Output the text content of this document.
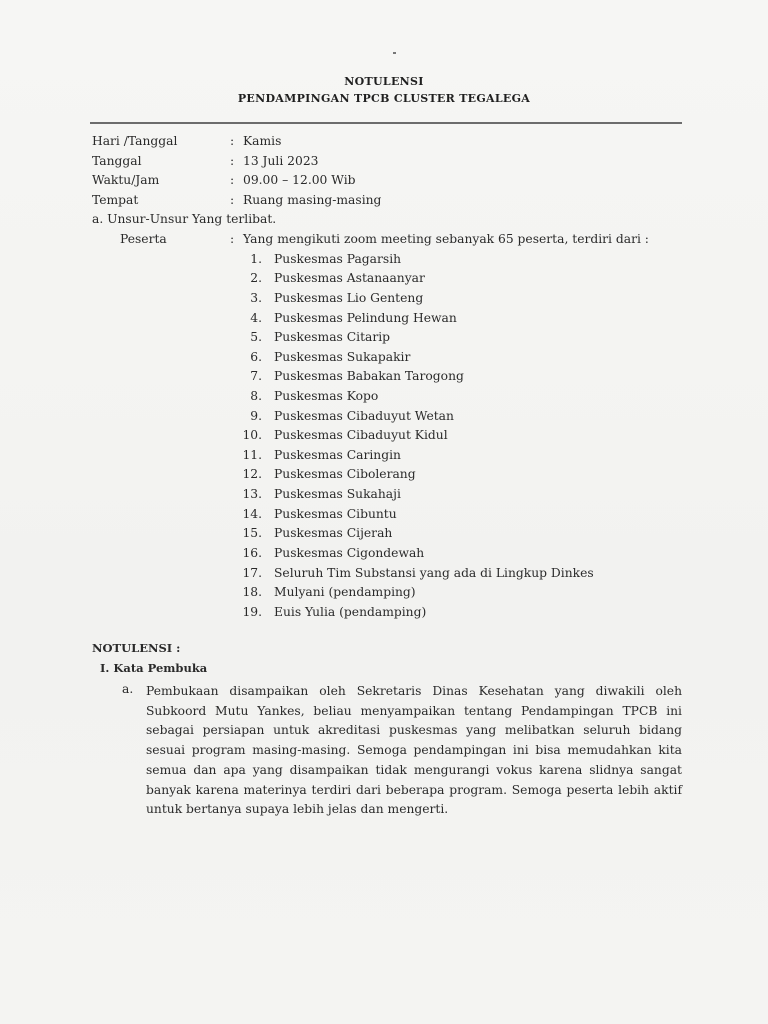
NOTULENSI
PENDAMPINGAN TPCB CLUSTER TEGALEGA
Hari /Tanggal	: Kamis
Tanggal	: 13 Juli 2023
Waktu/Jam	: 09.00 – 12.00 Wib
Tempat	: Ruang masing-masing
a. Unsur-Unsur Yang terlibat.
Peserta	: Yang mengikuti zoom meeting sebanyak 65 peserta, terdiri dari :
1. Puskesmas Pagarsih
2. Puskesmas Astanaanyar
3. Puskesmas Lio Genteng
4. Puskesmas Pelindung Hewan
5. Puskesmas Citarip
6. Puskesmas Sukapakir
7. Puskesmas Babakan Tarogong
8. Puskesmas Kopo
9. Puskesmas Cibaduyut Wetan
10. Puskesmas Cibaduyut Kidul
11. Puskesmas Caringin
12. Puskesmas Cibolerang
13. Puskesmas Sukahaji
14. Puskesmas Cibuntu
15. Puskesmas Cijerah
16. Puskesmas Cigondewah
17. Seluruh Tim Substansi yang ada di Lingkup Dinkes
18. Mulyani (pendamping)
19. Euis Yulia (pendamping)
NOTULENSI :
I. Kata Pembuka
a. Pembukaan disampaikan oleh Sekretaris Dinas Kesehatan yang diwakili oleh Subkoord Mutu Yankes, beliau menyampaikan tentang Pendampingan TPCB ini sebagai persiapan untuk akreditasi puskesmas yang melibatkan seluruh bidang sesuai program masing-masing. Semoga pendampingan ini bisa memudahkan kita semua dan apa yang disampaikan tidak mengurangi vokus karena slidnya sangat banyak karena materinya terdiri dari beberapa program. Semoga peserta lebih aktif untuk bertanya supaya lebih jelas dan mengerti.
